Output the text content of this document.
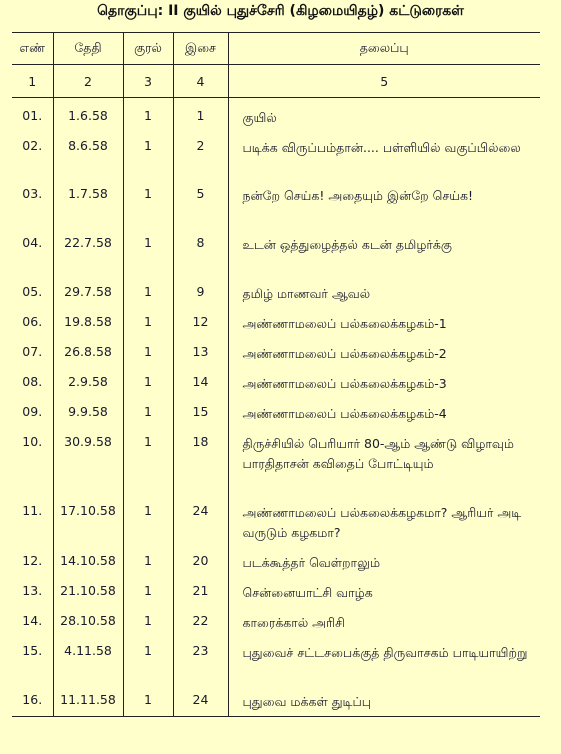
தொகுப்பு: II குயில் புதுச்சேரி (கிழமையிதழ்) கட்டுரைகள்
எண்	தேதி	குரல்	இசை	தலைப்பு
1	2	3	4	5
01.	1.6.58	1	1	குயில்
02.	8.6.58	1	2	படிக்க விருப்பம்தான்.... பள்ளியில் வகுப்பில்லை
03.	1.7.58	1	5	நன்றே செய்க! அதையும் இன்றே செய்க!
04.	22.7.58	1	8	உடன் ஒத்துழைத்தல் கடன் தமிழர்க்கு
05.	29.7.58	1	9	தமிழ் மாணவர் ஆவல்
06.	19.8.58	1	12	அண்ணாமலைப் பல்கலைக்கழகம்-1
07.	26.8.58	1	13	அண்ணாமலைப் பல்கலைக்கழகம்-2
08.	2.9.58	1	14	அண்ணாமலைப் பல்கலைக்கழகம்-3
09.	9.9.58	1	15	அண்ணாமலைப் பல்கலைக்கழகம்-4
10.	30.9.58	1	18	திருச்சியில் பெரியார் 80-ஆம் ஆண்டு விழாவும் பாரதிதாசன் கவிதைப் போட்டியும்
11.	17.10.58	1	24	அண்ணாமலைப் பல்கலைக்கழகமா? ஆரியர் அடி வருடும் கழகமா?
12.	14.10.58	1	20	படக்கூத்தர் வெள்றாலும்
13.	21.10.58	1	21	சென்னையாட்சி வாழ்க
14.	28.10.58	1	22	காரைக்கால் அரிசி
15.	4.11.58	1	23	புதுவைச் சட்டசபைக்குத் திருவாசகம் பாடியாயிற்று
16.	11.11.58	1	24	புதுவை மக்கள் துடிப்பு
